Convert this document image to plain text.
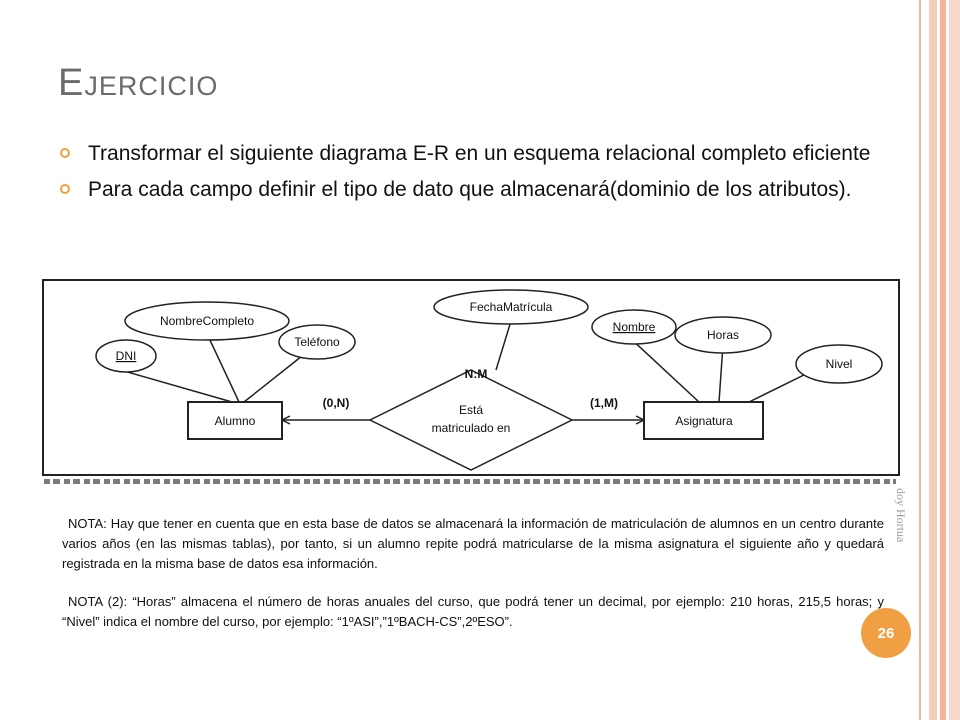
Ejercicio
Transformar el siguiente diagrama E-R en un esquema relacional completo eficiente
Para cada campo definir el tipo de dato que almacenará(dominio de los atributos).
DNI
NombreCompleto
Teléfono
FechaMatrícula
Nombre
Horas
Nivel
Alumno	Asignatura
Está
matriculado en
N:M
(0,N)	(1,M)

NOTA: Hay que tener en cuenta que en esta base de datos se almacenará la información de matriculación de alumnos en un centro durante varios años (en las mismas tablas), por tanto, si un alumno repite podrá matricularse de la misma asignatura el siguiente año y quedará registrada en la misma base de datos esa información.

NOTA (2): “Horas” almacena el número de horas anuales del curso, que podrá tener un decimal, por ejemplo: 210 horas, 215,5 horas; y “Nivel” indica el nombre del curso, por ejemplo: “1ºASI”,”1ºBACH-CS”,2ºESO”.

doy Hortua
26
